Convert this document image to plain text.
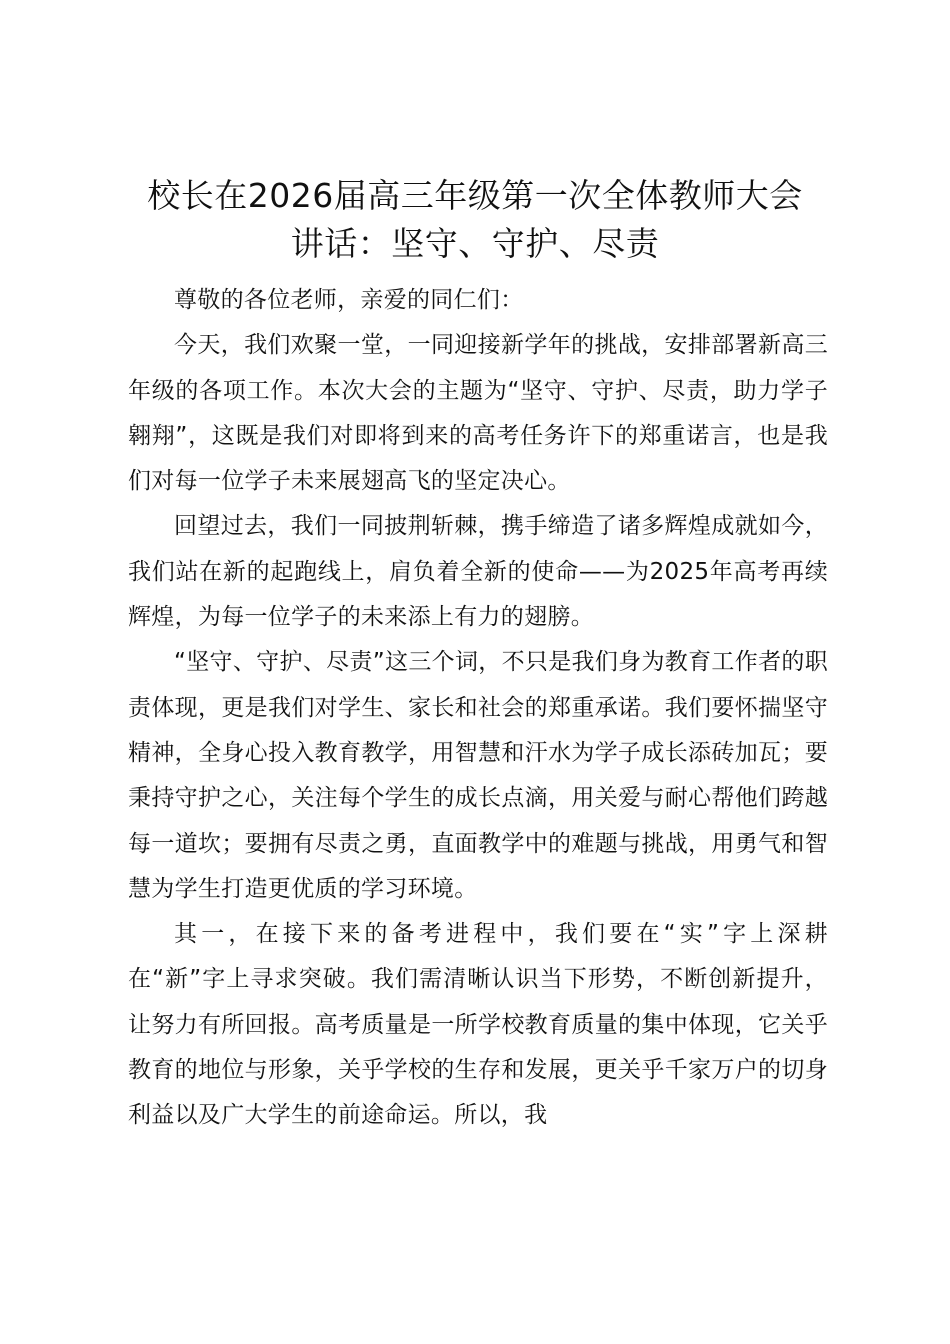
校长在2026届高三年级第一次全体教师大会
讲话：坚守、守护、尽责

尊敬的各位老师，亲爱的同仁们：

今天，我们欢聚一堂，一同迎接新学年的挑战，安排部署新高三年级的各项工作。本次大会的主题为“坚守、守护、尽责，助力学子翱翔”，这既是我们对即将到来的高考任务许下的郑重诺言，也是我们对每一位学子未来展翅高飞的坚定决心。

回望过去，我们一同披荆斩棘，携手缔造了诸多辉煌成就如今，我们站在新的起跑线上，肩负着全新的使命——为2025年高考再续辉煌，为每一位学子的未来添上有力的翅膀。

“坚守、守护、尽责”这三个词，不只是我们身为教育工作者的职责体现，更是我们对学生、家长和社会的郑重承诺。我们要怀揣坚守精神，全身心投入教育教学，用智慧和汗水为学子成长添砖加瓦；要秉持守护之心，关注每个学生的成长点滴，用关爱与耐心帮他们跨越每一道坎；要拥有尽责之勇，直面教学中的难题与挑战，用勇气和智慧为学生打造更优质的学习环境。

其一，在接下来的备考进程中，我们要在“实”字上深耕在“新”字上寻求突破。我们需清晰认识当下形势，不断创新提升，让努力有所回报。高考质量是一所学校教育质量的集中体现，它关乎教育的地位与形象，关乎学校的生存和发展，更关乎千家万户的切身利益以及广大学生的前途命运。所以，我
